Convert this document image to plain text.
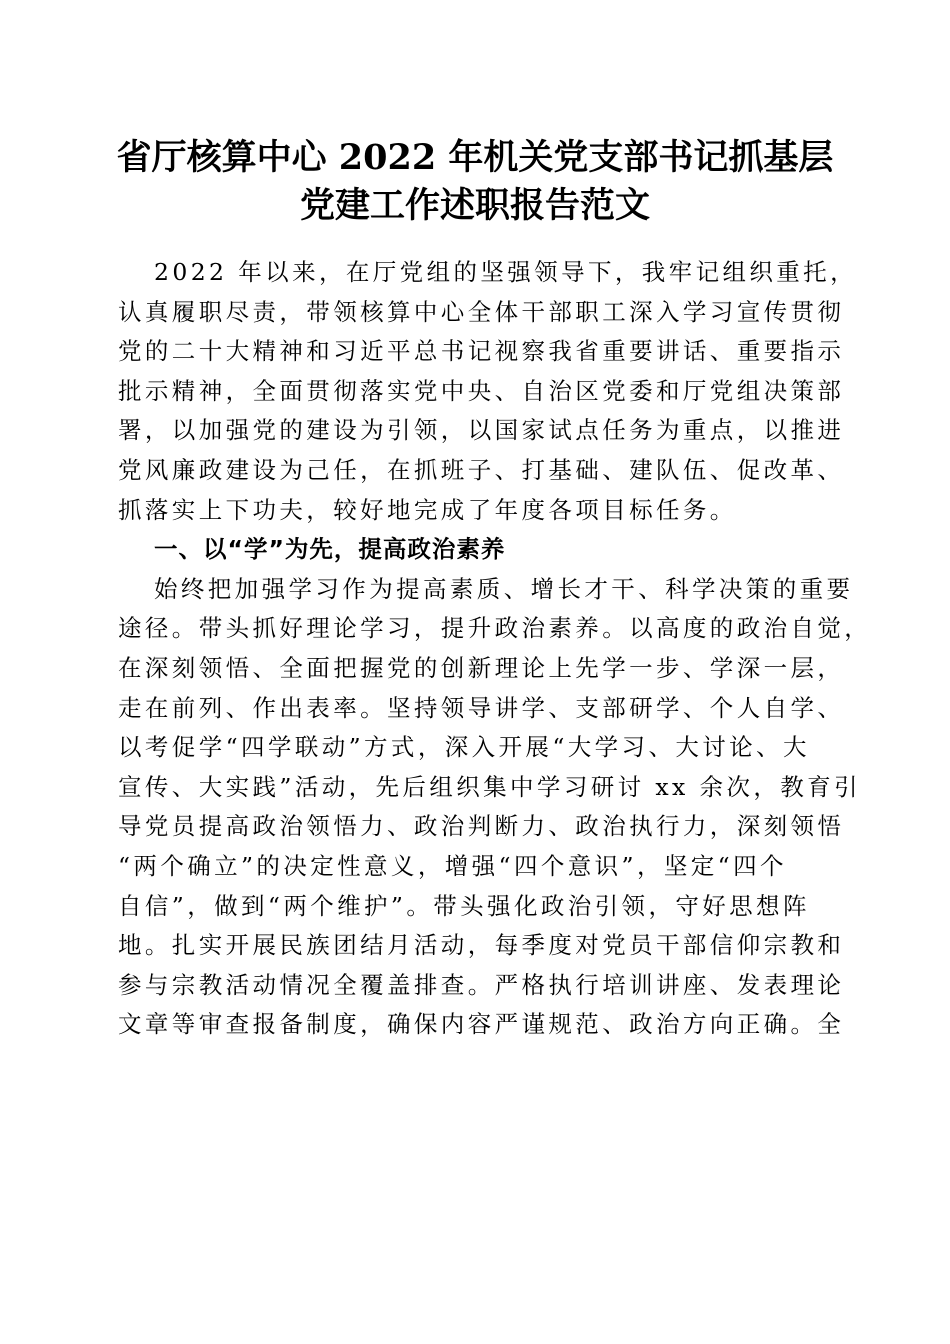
省厅核算中心 2022 年机关党支部书记抓基层
党建工作述职报告范文
2022 年以来，在厅党组的坚强领导下，我牢记组织重托，
认真履职尽责，带领核算中心全体干部职工深入学习宣传贯彻
党的二十大精神和习近平总书记视察我省重要讲话、重要指示
批示精神，全面贯彻落实党中央、自治区党委和厅党组决策部
署，以加强党的建设为引领，以国家试点任务为重点，以推进
党风廉政建设为己任，在抓班子、打基础、建队伍、促改革、
抓落实上下功夫，较好地完成了年度各项目标任务。
一、以“学”为先，提高政治素养
始终把加强学习作为提高素质、增长才干、科学决策的重要
途径。带头抓好理论学习，提升政治素养。以高度的政治自觉，
在深刻领悟、全面把握党的创新理论上先学一步、学深一层，
走在前列、作出表率。坚持领导讲学、支部研学、个人自学、
以考促学“四学联动”方式，深入开展“大学习、大讨论、大
宣传、大实践”活动，先后组织集中学习研讨 xx 余次，教育引
导党员提高政治领悟力、政治判断力、政治执行力，深刻领悟
“两个确立”的决定性意义，增强“四个意识”，坚定“四个
自信”，做到“两个维护”。带头强化政治引领，守好思想阵
地。扎实开展民族团结月活动，每季度对党员干部信仰宗教和
参与宗教活动情况全覆盖排查。严格执行培训讲座、发表理论
文章等审查报备制度，确保内容严谨规范、政治方向正确。全
